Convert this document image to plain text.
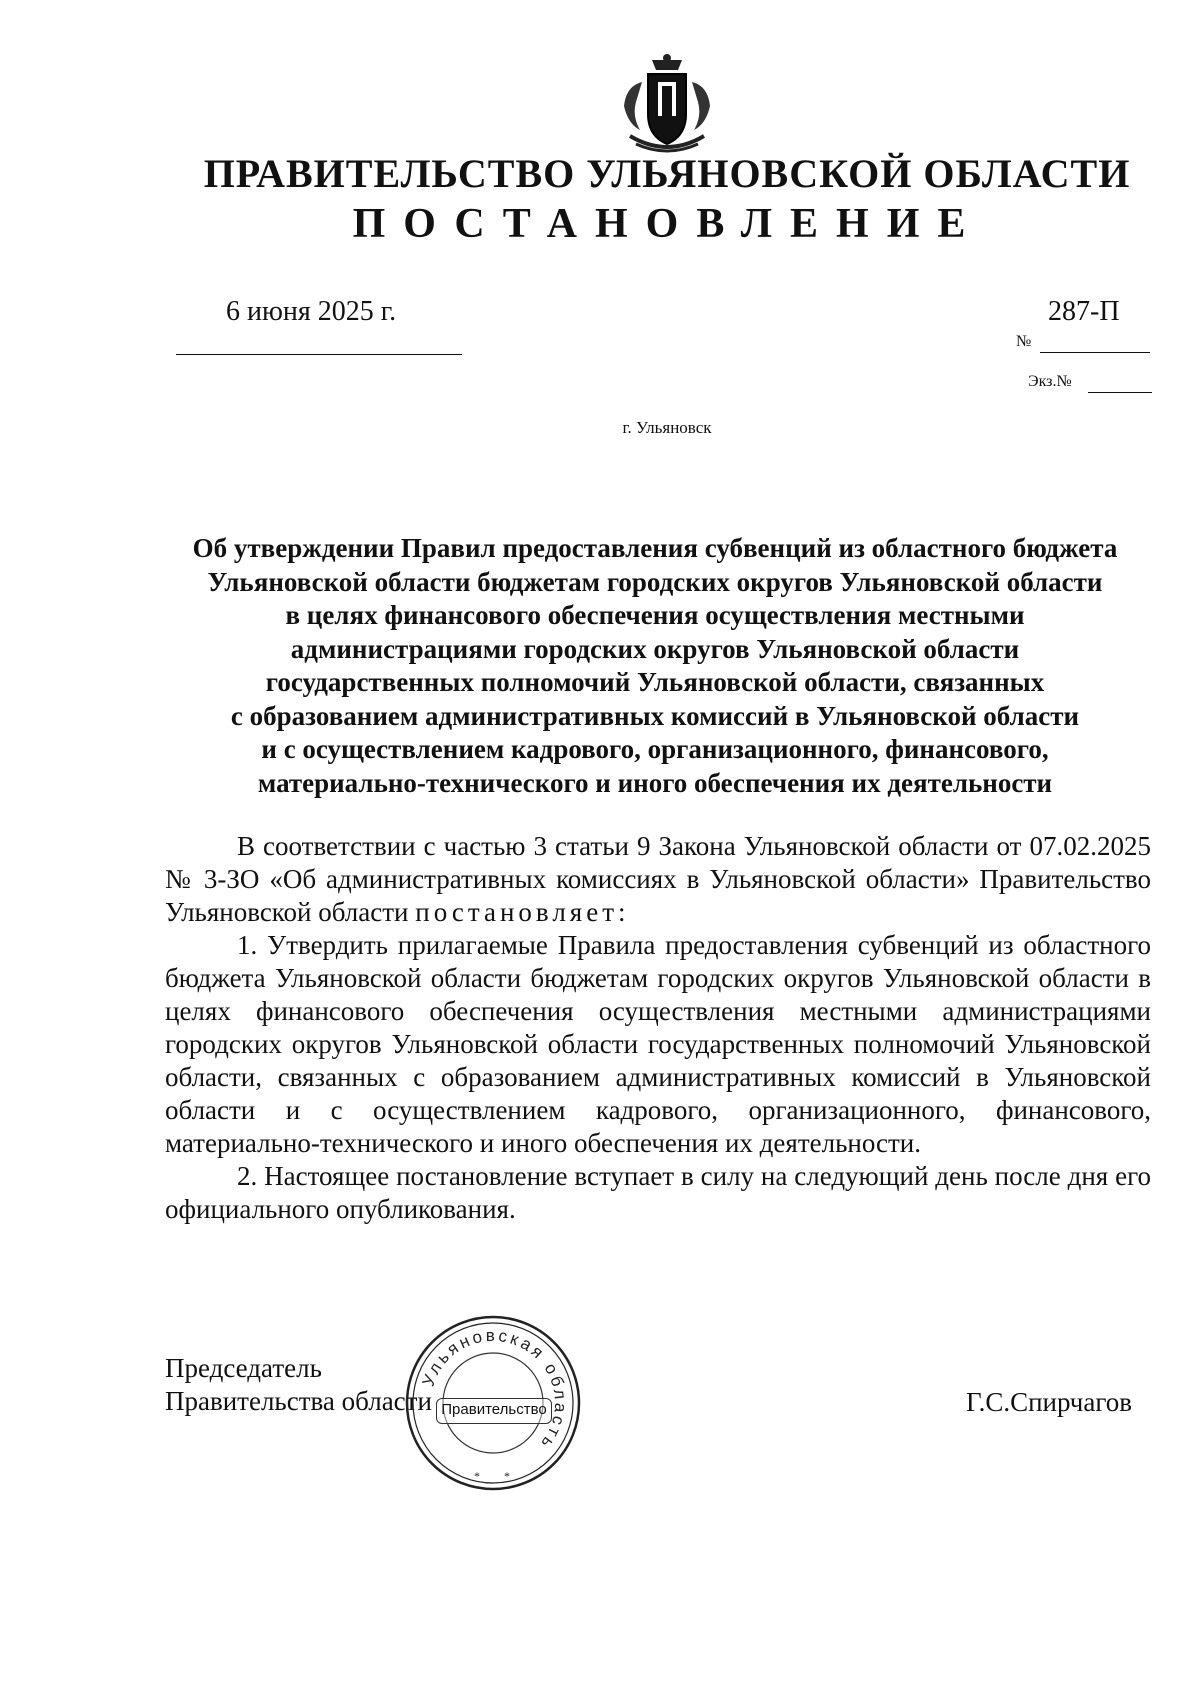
ПРАВИТЕЛЬСТВО УЛЬЯНОВСКОЙ ОБЛАСТИ
ПОСТАНОВЛЕНИЕ
6 июня 2025 г.	287-П
№
Экз.№
г. Ульяновск
Об утверждении Правил предоставления субвенций из областного бюджета
Ульяновской области бюджетам городских округов Ульяновской области
в целях финансового обеспечения осуществления местными
администрациями городских округов Ульяновской области
государственных полномочий Ульяновской области, связанных
с образованием административных комиссий в Ульяновской области
и с осуществлением кадрового, организационного, финансового,
материально-технического и иного обеспечения их деятельности

В соответствии с частью 3 статьи 9 Закона Ульяновской области от 07.02.2025 № 3-ЗО «Об административных комиссиях в Ульяновской области» Правительство Ульяновской области постановляет:

1. Утвердить прилагаемые Правила предоставления субвенций из областного бюджета Ульяновской области бюджетам городских округов Ульяновской области в целях финансового обеспечения осуществления местными администрациями городских округов Ульяновской области государственных полномочий Ульяновской области, связанных с образованием административных комиссий в Ульяновской области и с осуществлением кадрового, организационного, финансового, материально-технического и иного обеспечения их деятельности.

2. Настоящее постановление вступает в силу на следующий день после дня его официального опубликования.

Председатель
Правительства области	Г.С.Спирчагов
Ульяновская область
* *
Правительство
